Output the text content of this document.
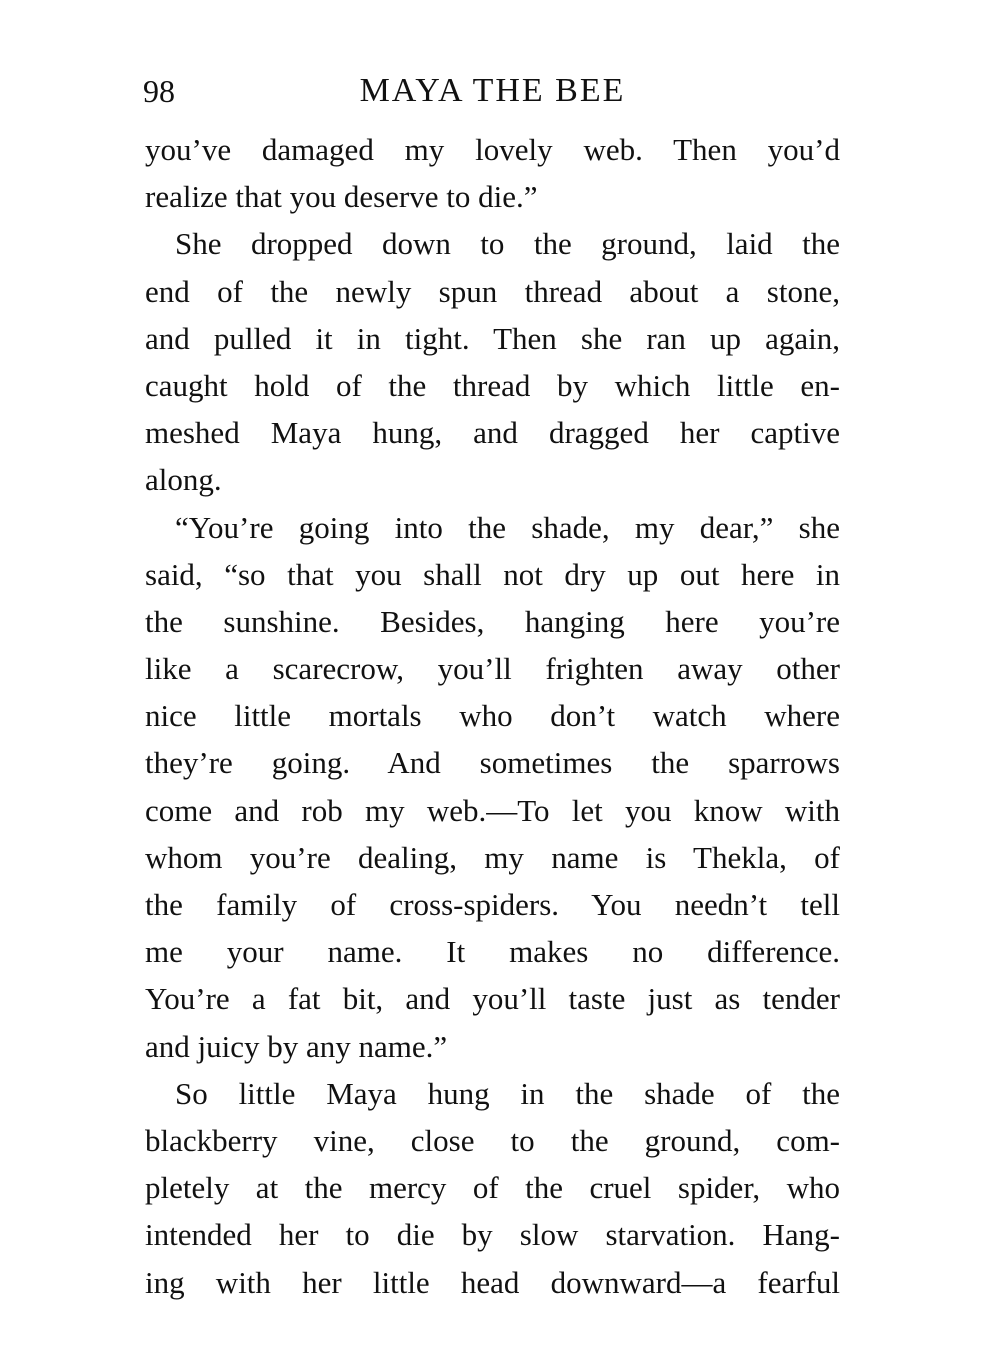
98	MAYA THE BEE
you’ve damaged my lovely web. Then you’d
realize that you deserve to die.”
She dropped down to the ground, laid the
end of the newly spun thread about a stone,
and pulled it in tight. Then she ran up again,
caught hold of the thread by which little en-
meshed Maya hung, and dragged her captive
along.
“You’re going into the shade, my dear,” she
said, “so that you shall not dry up out here in
the sunshine. Besides, hanging here you’re
like a scarecrow, you’ll frighten away other
nice little mortals who don’t watch where
they’re going. And sometimes the sparrows
come and rob my web.—To let you know with
whom you’re dealing, my name is Thekla, of
the family of cross-spiders. You needn’t tell
me your name. It makes no difference.
You’re a fat bit, and you’ll taste just as tender
and juicy by any name.”
So little Maya hung in the shade of the
blackberry vine, close to the ground, com-
pletely at the mercy of the cruel spider, who
intended her to die by slow starvation. Hang-
ing with her little head downward—a fearful
